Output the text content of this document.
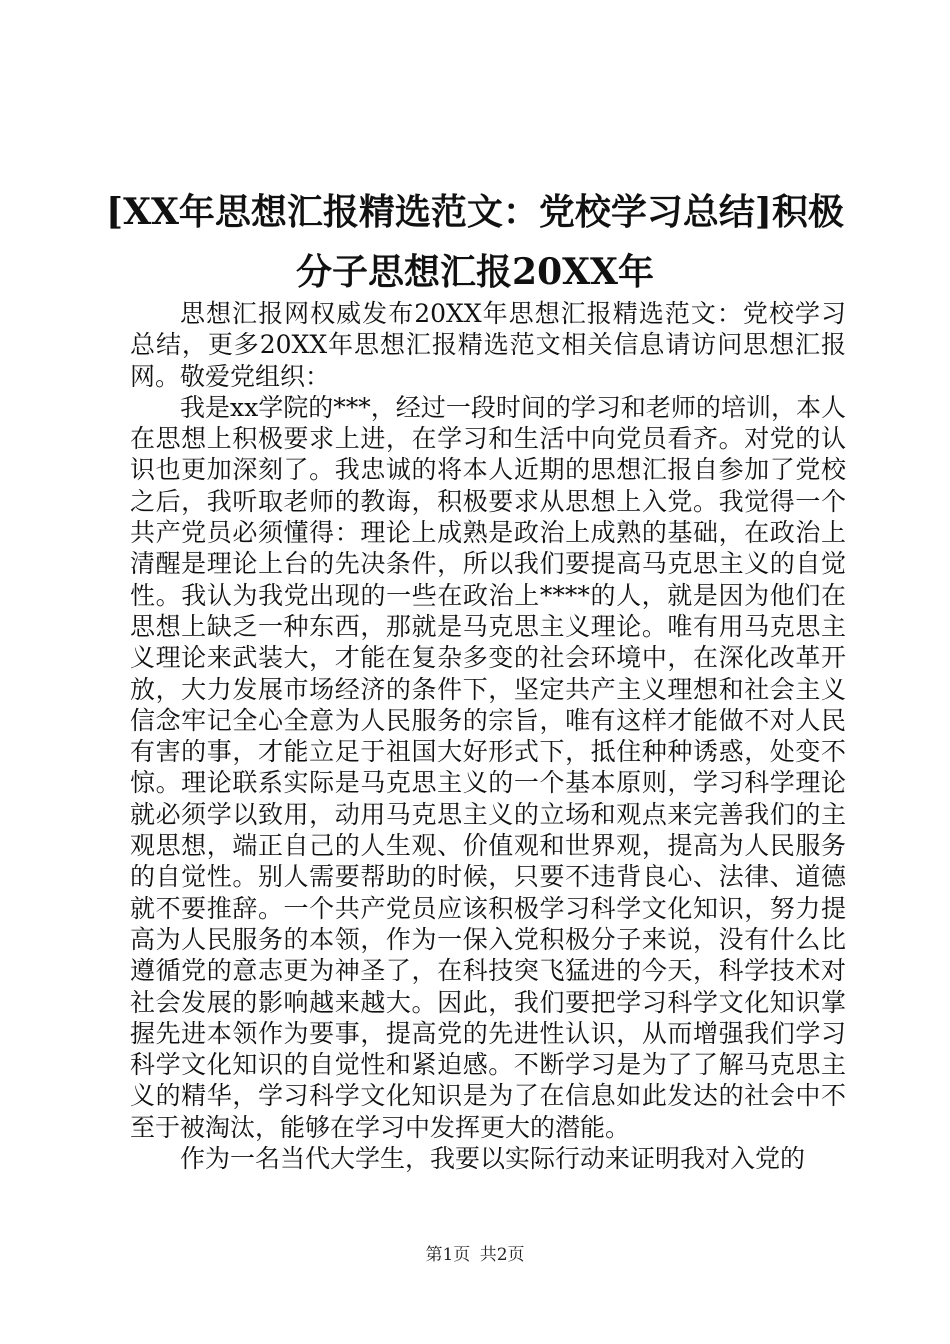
[XX年思想汇报精选范文：党校学习总结]积极分子思想汇报20XX年

思想汇报网权威发布20XX年思想汇报精选范文：党校学习总结，更多20XX年思想汇报精选范文相关信息请访问思想汇报网。敬爱党组织：

我是xx学院的***，经过一段时间的学习和老师的培训，本人在思想上积极要求上进，在学习和生活中向党员看齐。对党的认识也更加深刻了。我忠诚的将本人近期的思想汇报自参加了党校之后，我听取老师的教诲，积极要求从思想上入党。我觉得一个共产党员必须懂得：理论上成熟是政治上成熟的基础，在政治上清醒是理论上台的先决条件，所以我们要提高马克思主义的自觉性。我认为我党出现的一些在政治上****的人，就是因为他们在思想上缺乏一种东西，那就是马克思主义理论。唯有用马克思主义理论来武装大，才能在复杂多变的社会环境中，在深化改革开放，大力发展市场经济的条件下，坚定共产主义理想和社会主义信念牢记全心全意为人民服务的宗旨，唯有这样才能做不对人民有害的事，才能立足于祖国大好形式下，抵住种种诱惑，处变不惊。理论联系实际是马克思主义的一个基本原则，学习科学理论就必须学以致用，动用马克思主义的立场和观点来完善我们的主观思想，端正自己的人生观、价值观和世界观，提高为人民服务的自觉性。别人需要帮助的时候，只要不违背良心、法律、道德就不要推辞。一个共产党员应该积极学习科学文化知识，努力提高为人民服务的本领，作为一保入党积极分子来说，没有什么比遵循党的意志更为神圣了，在科技突飞猛进的今天，科学技术对社会发展的影响越来越大。因此，我们要把学习科学文化知识掌握先进本领作为要事，提高党的先进性认识，从而增强我们学习科学文化知识的自觉性和紧迫感。不断学习是为了了解马克思主义的精华，学习科学文化知识是为了在信息如此发达的社会中不至于被淘汰，能够在学习中发挥更大的潜能。

作为一名当代大学生，我要以实际行动来证明我对入党的

第1页 共2页
